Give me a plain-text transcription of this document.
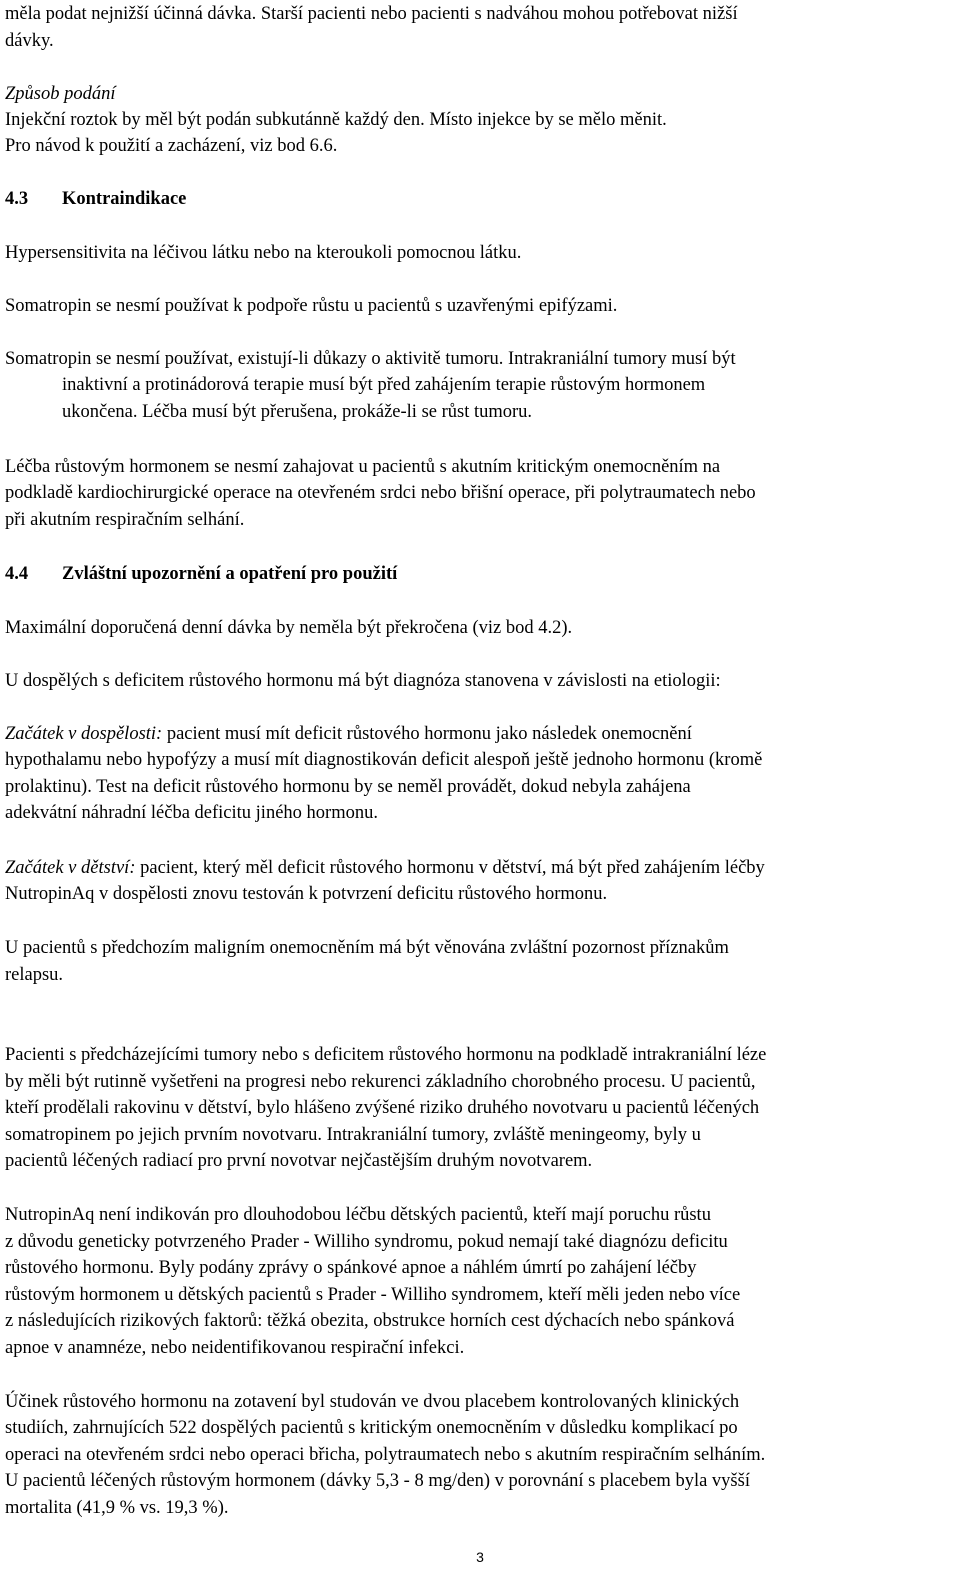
měla podat nejnižší účinná dávka. Starší pacienti nebo pacienti s nadváhou mohou potřebovat nižší
dávky.
Způsob podání
Injekční roztok by měl být podán subkutánně každý den. Místo injekce by se mělo měnit.
Pro návod k použití a zacházení, viz bod 6.6.
4.3 Kontraindikace
Hypersensitivita na léčivou látku nebo na kteroukoli pomocnou látku.
Somatropin se nesmí používat k podpoře růstu u pacientů s uzavřenými epifýzami.
Somatropin se nesmí používat, existují-li důkazy o aktivitě tumoru. Intrakraniální tumory musí být
inaktivní a protinádorová terapie musí být před zahájením terapie růstovým hormonem
ukončena. Léčba musí být přerušena, prokáže-li se růst tumoru.
Léčba růstovým hormonem se nesmí zahajovat u pacientů s akutním kritickým onemocněním na
podkladě kardiochirurgické operace na otevřeném srdci nebo břišní operace, při polytraumatech nebo
při akutním respiračním selhání.
4.4 Zvláštní upozornění a opatření pro použití
Maximální doporučená denní dávka by neměla být překročena (viz bod 4.2).
U dospělých s deficitem růstového hormonu má být diagnóza stanovena v závislosti na etiologii:
Začátek v dospělosti: pacient musí mít deficit růstového hormonu jako následek onemocnění
hypothalamu nebo hypofýzy a musí mít diagnostikován deficit alespoň ještě jednoho hormonu (kromě
prolaktinu). Test na deficit růstového hormonu by se neměl provádět, dokud nebyla zahájena
adekvátní náhradní léčba deficitu jiného hormonu.
Začátek v dětství: pacient, který měl deficit růstového hormonu v dětství, má být před zahájením léčby
NutropinAq v dospělosti znovu testován k potvrzení deficitu růstového hormonu.
U pacientů s předchozím maligním onemocněním má být věnována zvláštní pozornost příznakům
relapsu.
Pacienti s předcházejícími tumory nebo s deficitem růstového hormonu na podkladě intrakraniální léze
by měli být rutinně vyšetřeni na progresi nebo rekurenci základního chorobného procesu. U pacientů,
kteří prodělali rakovinu v dětství, bylo hlášeno zvýšené riziko druhého novotvaru u pacientů léčených
somatropinem po jejich prvním novotvaru. Intrakraniální tumory, zvláště meningeomy, byly u
pacientů léčených radiací pro první novotvar nejčastějším druhým novotvarem.
NutropinAq není indikován pro dlouhodobou léčbu dětských pacientů, kteří mají poruchu růstu
z důvodu geneticky potvrzeného Prader - Williho syndromu, pokud nemají také diagnózu deficitu
růstového hormonu. Byly podány zprávy o spánkové apnoe a náhlém úmrtí po zahájení léčby
růstovým hormonem u dětských pacientů s Prader - Williho syndromem, kteří měli jeden nebo více
z následujících rizikových faktorů: těžká obezita, obstrukce horních cest dýchacích nebo spánková
apnoe v anamnéze, nebo neidentifikovanou respirační infekci.
Účinek růstového hormonu na zotavení byl studován ve dvou placebem kontrolovaných klinických
studiích, zahrnujících 522 dospělých pacientů s kritickým onemocněním v důsledku komplikací po
operaci na otevřeném srdci nebo operaci břicha, polytraumatech nebo s akutním respiračním selháním.
U pacientů léčených růstovým hormonem (dávky 5,3 - 8 mg/den) v porovnání s placebem byla vyšší
mortalita (41,9 % vs. 19,3 %).
3
